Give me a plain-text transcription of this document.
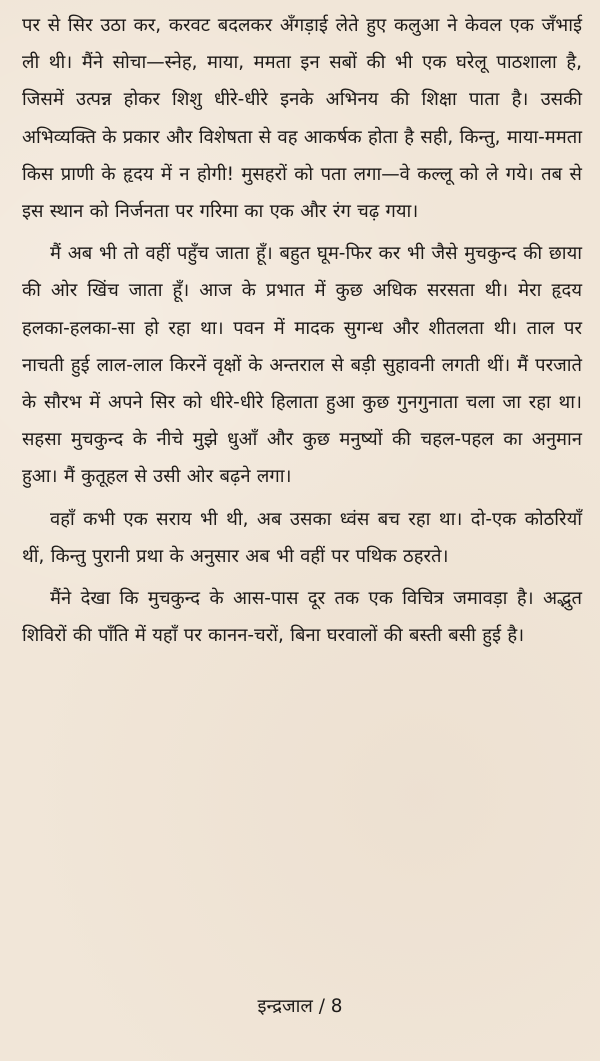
पर से सिर उठा कर, करवट बदलकर अँगड़ाई लेते हुए कलुआ ने केवल एक जँभाई ली थी। मैंने सोचा—स्नेह, माया, ममता इन सबों की भी एक घरेलू पाठशाला है, जिसमें उत्पन्न होकर शिशु धीरे-धीरे इनके अभिनय की शिक्षा पाता है। उसकी अभिव्यक्ति के प्रकार और विशेषता से वह आकर्षक होता है सही, किन्तु, माया-ममता किस प्राणी के हृदय में न होगी! मुसहरों को पता लगा—वे कल्लू को ले गये। तब से इस स्थान को निर्जनता पर गरिमा का एक और रंग चढ़ गया।

मैं अब भी तो वहीं पहुँच जाता हूँ। बहुत घूम-फिर कर भी जैसे मुचकुन्द की छाया की ओर खिंच जाता हूँ। आज के प्रभात में कुछ अधिक सरसता थी। मेरा हृदय हलका-हलका-सा हो रहा था। पवन में मादक सुगन्ध और शीतलता थी। ताल पर नाचती हुई लाल-लाल किरनें वृक्षों के अन्तराल से बड़ी सुहावनी लगती थीं। मैं परजाते के सौरभ में अपने सिर को धीरे-धीरे हिलाता हुआ कुछ गुनगुनाता चला जा रहा था। सहसा मुचकुन्द के नीचे मुझे धुआँ और कुछ मनुष्यों की चहल-पहल का अनुमान हुआ। मैं कुतूहल से उसी ओर बढ़ने लगा।

वहाँ कभी एक सराय भी थी, अब उसका ध्वंस बच रहा था। दो-एक कोठरियाँ थीं, किन्तु पुरानी प्रथा के अनुसार अब भी वहीं पर पथिक ठहरते।

मैंने देखा कि मुचकुन्द के आस-पास दूर तक एक विचित्र जमावड़ा है। अद्भुत शिविरों की पाँति में यहाँ पर कानन-चरों, बिना घरवालों की बस्ती बसी हुई है।

इन्द्रजाल / 8
